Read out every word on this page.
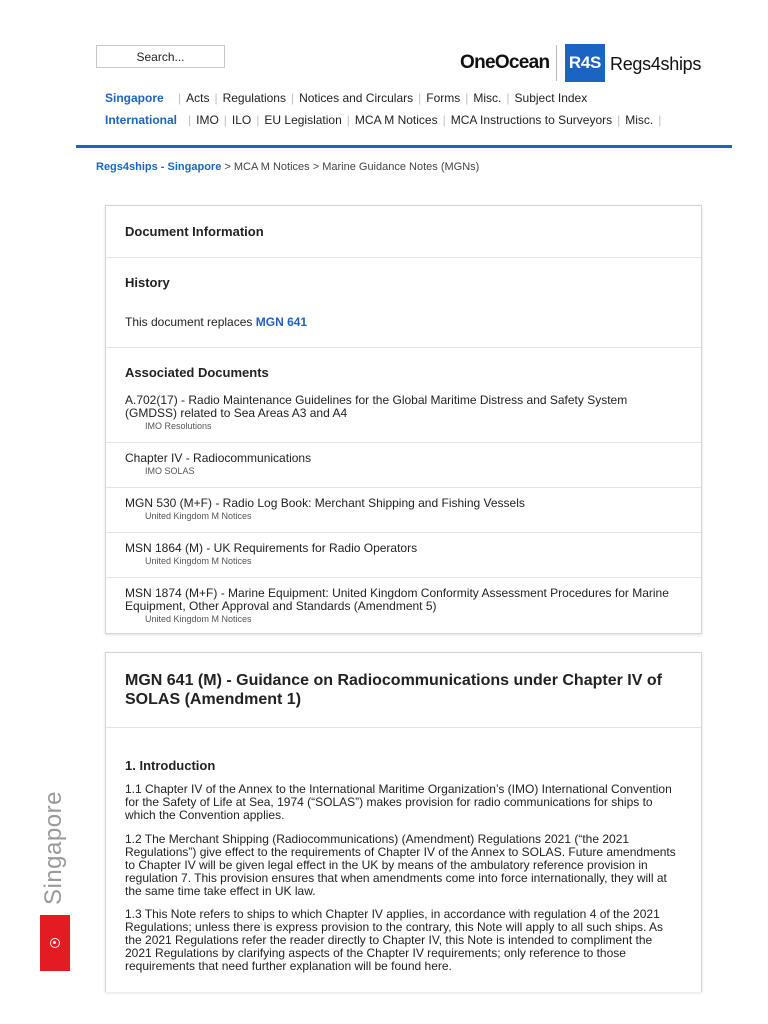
Search...
OneOcean R4S Regs4ships
Singapore	| Acts | Regulations | Notices and Circulars | Forms | Misc. | Subject Index
International | IMO | ILO | EU Legislation | MCA M Notices | MCA Instructions to Surveyors | Misc. |
Regs4ships - Singapore > MCA M Notices > Marine Guidance Notes (MGNs)
Document Information
History
This document replaces MGN 641
Associated Documents
A.702(17) - Radio Maintenance Guidelines for the Global Maritime Distress and Safety System (GMDSS) related to Sea Areas A3 and A4
IMO Resolutions
Chapter IV - Radiocommunications
IMO SOLAS
MGN 530 (M+F) - Radio Log Book: Merchant Shipping and Fishing Vessels
United Kingdom M Notices
MSN 1864 (M) - UK Requirements for Radio Operators
United Kingdom M Notices
MSN 1874 (M+F) - Marine Equipment: United Kingdom Conformity Assessment Procedures for Marine Equipment, Other Approval and Standards (Amendment 5)
United Kingdom M Notices
MGN 641 (M) - Guidance on Radiocommunications under Chapter IV of SOLAS (Amendment 1)
1. Introduction

1.1 Chapter IV of the Annex to the International Maritime Organization’s (IMO) International Convention for the Safety of Life at Sea, 1974 (“SOLAS”) makes provision for radio communications for ships to which the Convention applies.

1.2 The Merchant Shipping (Radiocommunications) (Amendment) Regulations 2021 (“the 2021 Regulations”) give effect to the requirements of Chapter IV of the Annex to SOLAS. Future amendments to Chapter IV will be given legal effect in the UK by means of the ambulatory reference provision in regulation 7. This provision ensures that when amendments come into force internationally, they will at the same time take effect in UK law.

1.3 This Note refers to ships to which Chapter IV applies, in accordance with regulation 4 of the 2021 Regulations; unless there is express provision to the contrary, this Note will apply to all such ships. As the 2021 Regulations refer the reader directly to Chapter IV, this Note is intended to compliment the 2021 Regulations by clarifying aspects of the Chapter IV requirements; only reference to those requirements that need further explanation will be found here.

Singapore
